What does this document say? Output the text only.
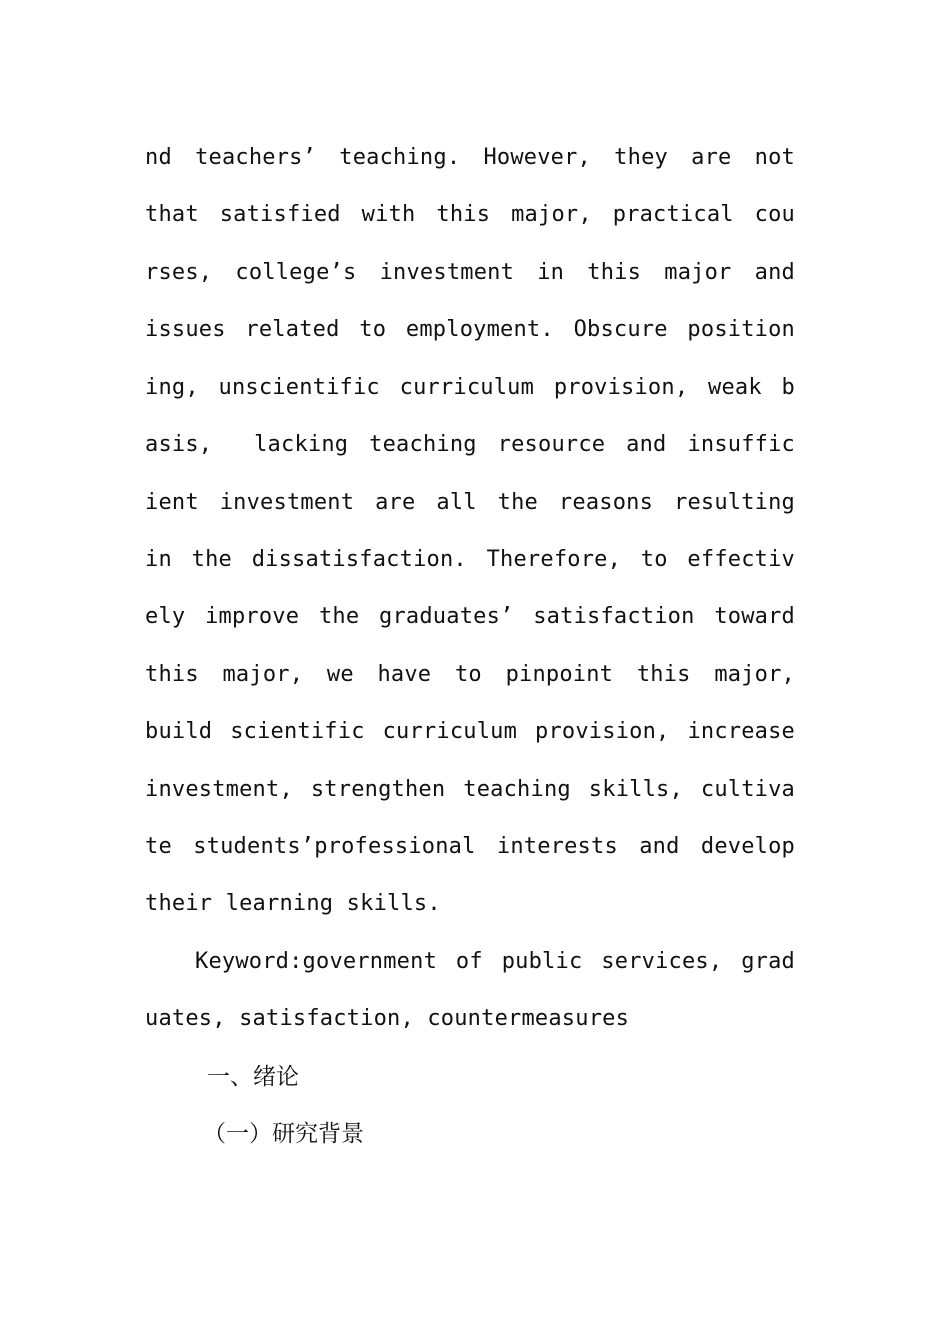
nd teachers’ teaching. However, they are not
that satisfied with this major, practical cou
rses, college’s investment in this major and
issues related to employment. Obscure position
ing, unscientific curriculum provision, weak b
asis,  lacking teaching resource and insuffic
ient investment are all the reasons resulting
in the dissatisfaction. Therefore, to effectiv
ely improve the graduates’ satisfaction toward
this major, we have to pinpoint this major,
build scientific curriculum provision, increase
investment, strengthen teaching skills, cultiva
te students’professional interests and develop
their learning skills.
Keyword:government of public services, grad
uates, satisfaction, countermeasures
一、绪论
（一）研究背景
